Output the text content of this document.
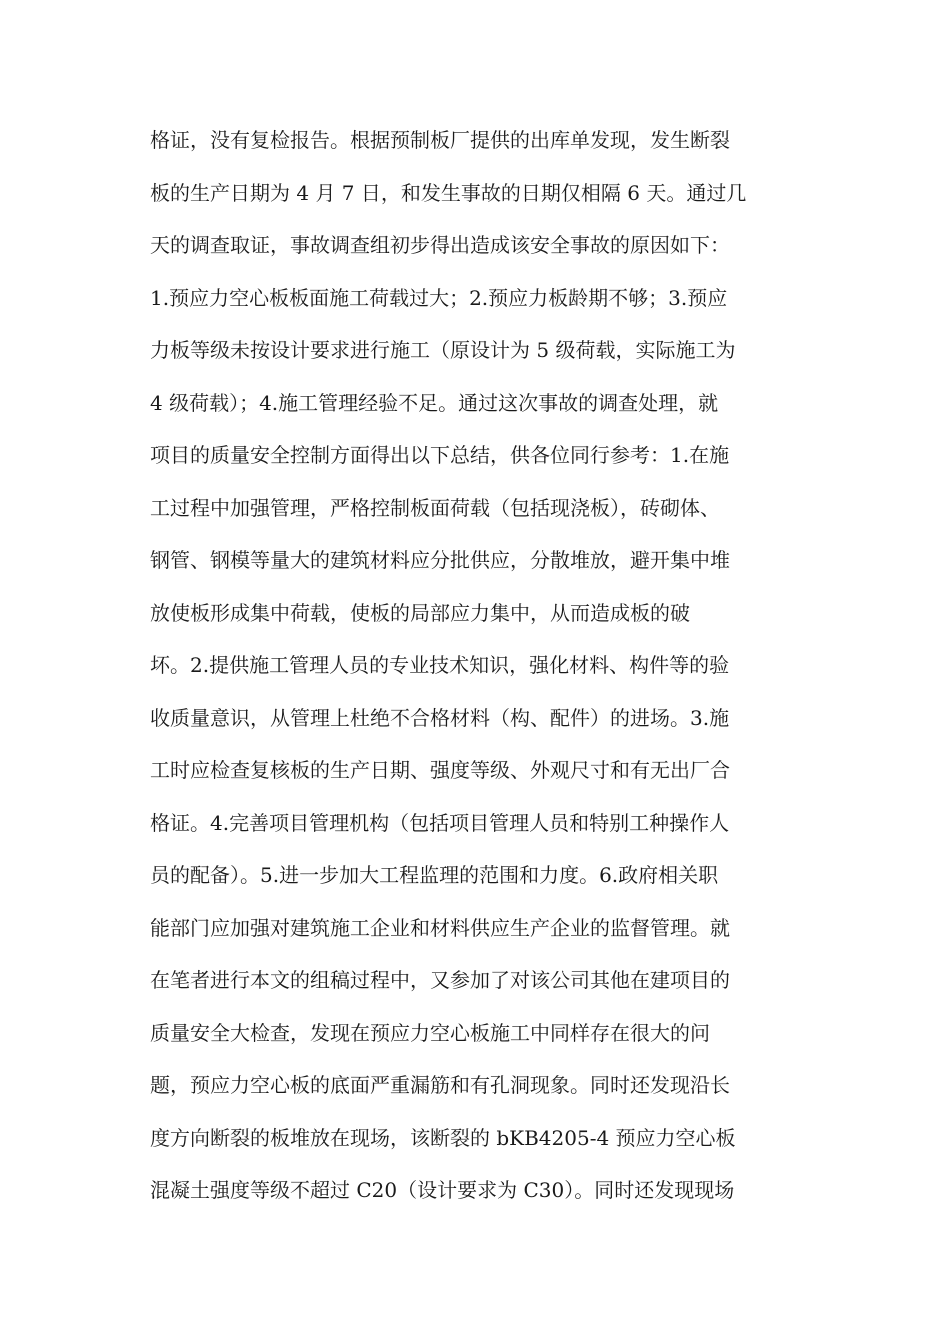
格证，没有复检报告。根据预制板厂提供的出库单发现，发生断裂
板的生产日期为 4 月 7 日，和发生事故的日期仅相隔 6 天。通过几
天的调查取证，事故调查组初步得出造成该安全事故的原因如下：
1.预应力空心板板面施工荷载过大；2.预应力板龄期不够；3.预应
力板等级未按设计要求进行施工（原设计为 5 级荷载，实际施工为
4 级荷载）；4.施工管理经验不足。通过这次事故的调查处理，就
项目的质量安全控制方面得出以下总结，供各位同行参考：1.在施
工过程中加强管理，严格控制板面荷载（包括现浇板），砖砌体、
钢管、钢模等量大的建筑材料应分批供应，分散堆放，避开集中堆
放使板形成集中荷载，使板的局部应力集中，从而造成板的破
坏。2.提供施工管理人员的专业技术知识，强化材料、构件等的验
收质量意识，从管理上杜绝不合格材料（构、配件）的进场。3.施
工时应检查复核板的生产日期、强度等级、外观尺寸和有无出厂合
格证。4.完善项目管理机构（包括项目管理人员和特别工种操作人
员的配备）。5.进一步加大工程监理的范围和力度。6.政府相关职
能部门应加强对建筑施工企业和材料供应生产企业的监督管理。就
在笔者进行本文的组稿过程中，又参加了对该公司其他在建项目的
质量安全大检查，发现在预应力空心板施工中同样存在很大的问
题，预应力空心板的底面严重漏筋和有孔洞现象。同时还发现沿长
度方向断裂的板堆放在现场，该断裂的 bKB4205-4 预应力空心板
混凝土强度等级不超过 C20（设计要求为 C30）。同时还发现现场
